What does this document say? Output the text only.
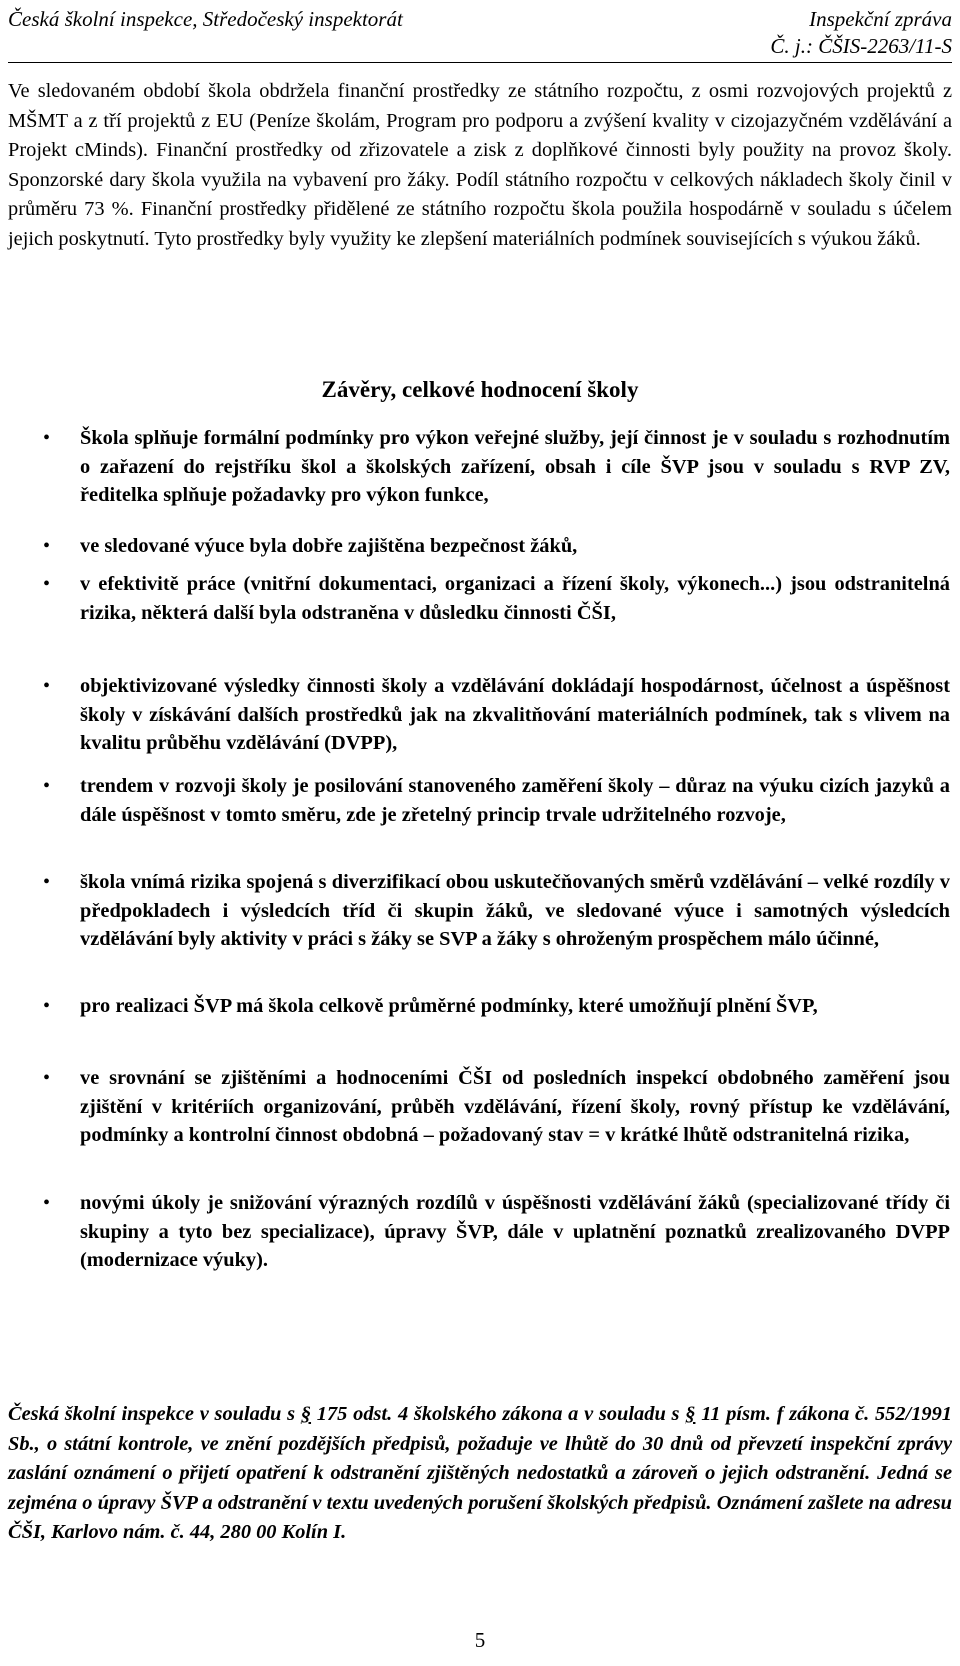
Česká školní inspekce, Středočeský inspektorát	Inspekční zpráva
Č. j.: ČŠIS-2263/11-S

Ve sledovaném období škola obdržela finanční prostředky ze státního rozpočtu, z osmi rozvojových projektů z MŠMT a z tří projektů z EU (Peníze školám, Program pro podporu a zvýšení kvality v cizojazyčném vzdělávání a Projekt cMinds). Finanční prostředky od zřizovatele a zisk z doplňkové činnosti byly použity na provoz školy. Sponzorské dary škola využila na vybavení pro žáky. Podíl státního rozpočtu v celkových nákladech školy činil v průměru 73 %. Finanční prostředky přidělené ze státního rozpočtu škola použila hospodárně v souladu s účelem jejich poskytnutí. Tyto prostředky byly využity ke zlepšení materiálních podmínek souvisejících s výukou žáků.

Závěry, celkové hodnocení školy
• Škola splňuje formální podmínky pro výkon veřejné služby, její činnost je v souladu s rozhodnutím o zařazení do rejstříku škol a školských zařízení, obsah i cíle ŠVP jsou v souladu s RVP ZV, ředitelka splňuje požadavky pro výkon funkce,
• ve sledované výuce byla dobře zajištěna bezpečnost žáků,
• v efektivitě práce (vnitřní dokumentaci, organizaci a řízení školy, výkonech...) jsou odstranitelná rizika, některá další byla odstraněna v důsledku činnosti ČŠI,
• objektivizované výsledky činnosti školy a vzdělávání dokládají hospodárnost, účelnost a úspěšnost školy v získávání dalších prostředků jak na zkvalitňování materiálních podmínek, tak s vlivem na kvalitu průběhu vzdělávání (DVPP),
• trendem v rozvoji školy je posilování stanoveného zaměření školy – důraz na výuku cizích jazyků a dále úspěšnost v tomto směru, zde je zřetelný princip trvale udržitelného rozvoje,
• škola vnímá rizika spojená s diverzifikací obou uskutečňovaných směrů vzdělávání – velké rozdíly v předpokladech i výsledcích tříd či skupin žáků, ve sledované výuce i samotných výsledcích vzdělávání byly aktivity v práci s žáky se SVP a žáky s ohroženým prospěchem málo účinné,
• pro realizaci ŠVP má škola celkově průměrné podmínky, které umožňují plnění ŠVP,
• ve srovnání se zjištěními a hodnoceními ČŠI od posledních inspekcí obdobného zaměření jsou zjištění v kritériích organizování, průběh vzdělávání, řízení školy, rovný přístup ke vzdělávání, podmínky a kontrolní činnost obdobná – požadovaný stav = v krátké lhůtě odstranitelná rizika,
• novými úkoly je snižování výrazných rozdílů v úspěšnosti vzdělávání žáků (specializované třídy či skupiny a tyto bez specializace), úpravy ŠVP, dále v uplatnění poznatků zrealizovaného DVPP (modernizace výuky).

Česká školní inspekce v souladu s § 175 odst. 4 školského zákona a v souladu s § 11 písm. f zákona č. 552/1991 Sb., o státní kontrole, ve znění pozdějších předpisů, požaduje ve lhůtě do 30 dnů od převzetí inspekční zprávy zaslání oznámení o přijetí opatření k odstranění zjištěných nedostatků a zároveň o jejich odstranění. Jedná se zejména o úpravy ŠVP a odstranění v textu uvedených porušení školských předpisů. Oznámení zašlete na adresu ČŠI, Karlovo nám. č. 44, 280 00 Kolín I.

5
